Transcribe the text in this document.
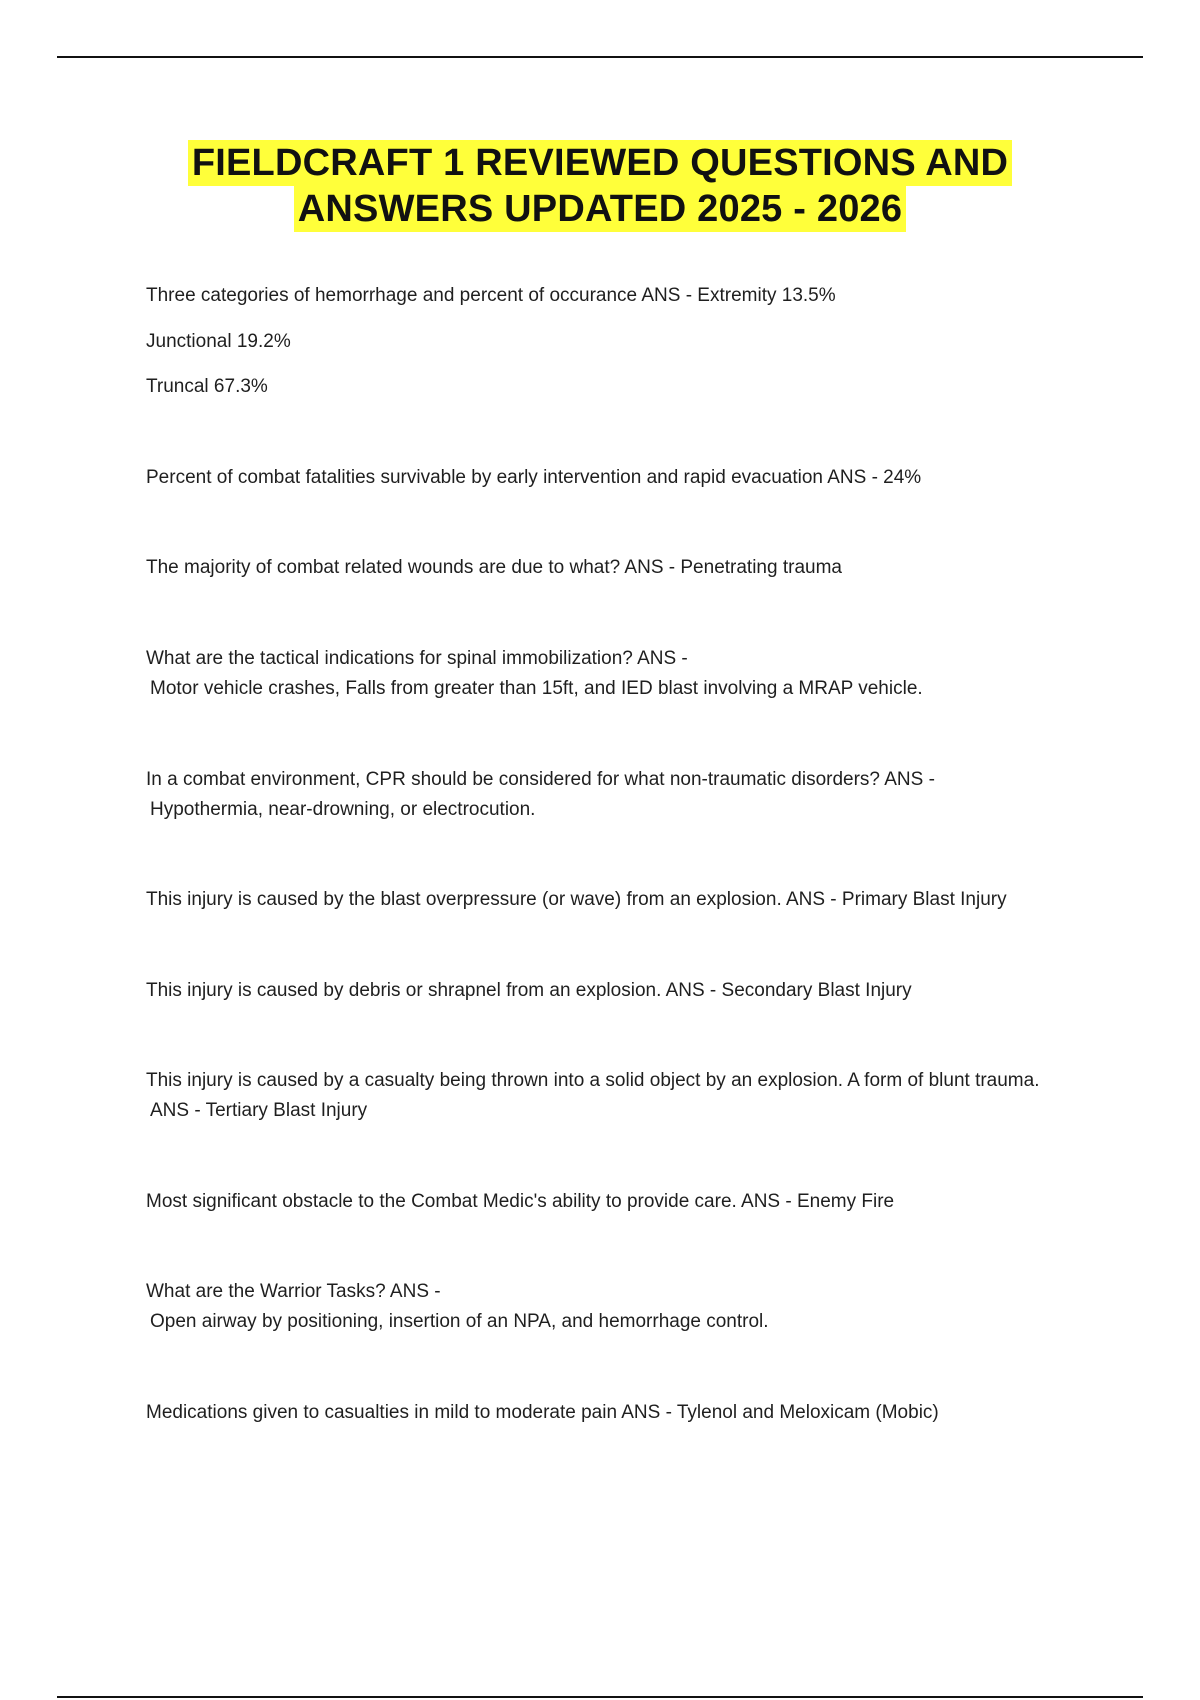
FIELDCRAFT 1 REVIEWED QUESTIONS AND
ANSWERS UPDATED 2025 - 2026
Three categories of hemorrhage and percent of occurance ANS - Extremity 13.5%
Junctional 19.2%
Truncal 67.3%
Percent of combat fatalities survivable by early intervention and rapid evacuation ANS - 24%
The majority of combat related wounds are due to what? ANS - Penetrating trauma
What are the tactical indications for spinal immobilization? ANS -
Motor vehicle crashes, Falls from greater than 15ft, and IED blast involving a MRAP vehicle.
In a combat environment, CPR should be considered for what non-traumatic disorders? ANS -
Hypothermia, near-drowning, or electrocution.
This injury is caused by the blast overpressure (or wave) from an explosion. ANS - Primary Blast Injury
This injury is caused by debris or shrapnel from an explosion. ANS - Secondary Blast Injury
This injury is caused by a casualty being thrown into a solid object by an explosion. A form of blunt trauma.
ANS - Tertiary Blast Injury
Most significant obstacle to the Combat Medic's ability to provide care. ANS - Enemy Fire
What are the Warrior Tasks? ANS -
Open airway by positioning, insertion of an NPA, and hemorrhage control.
Medications given to casualties in mild to moderate pain ANS - Tylenol and Meloxicam (Mobic)
